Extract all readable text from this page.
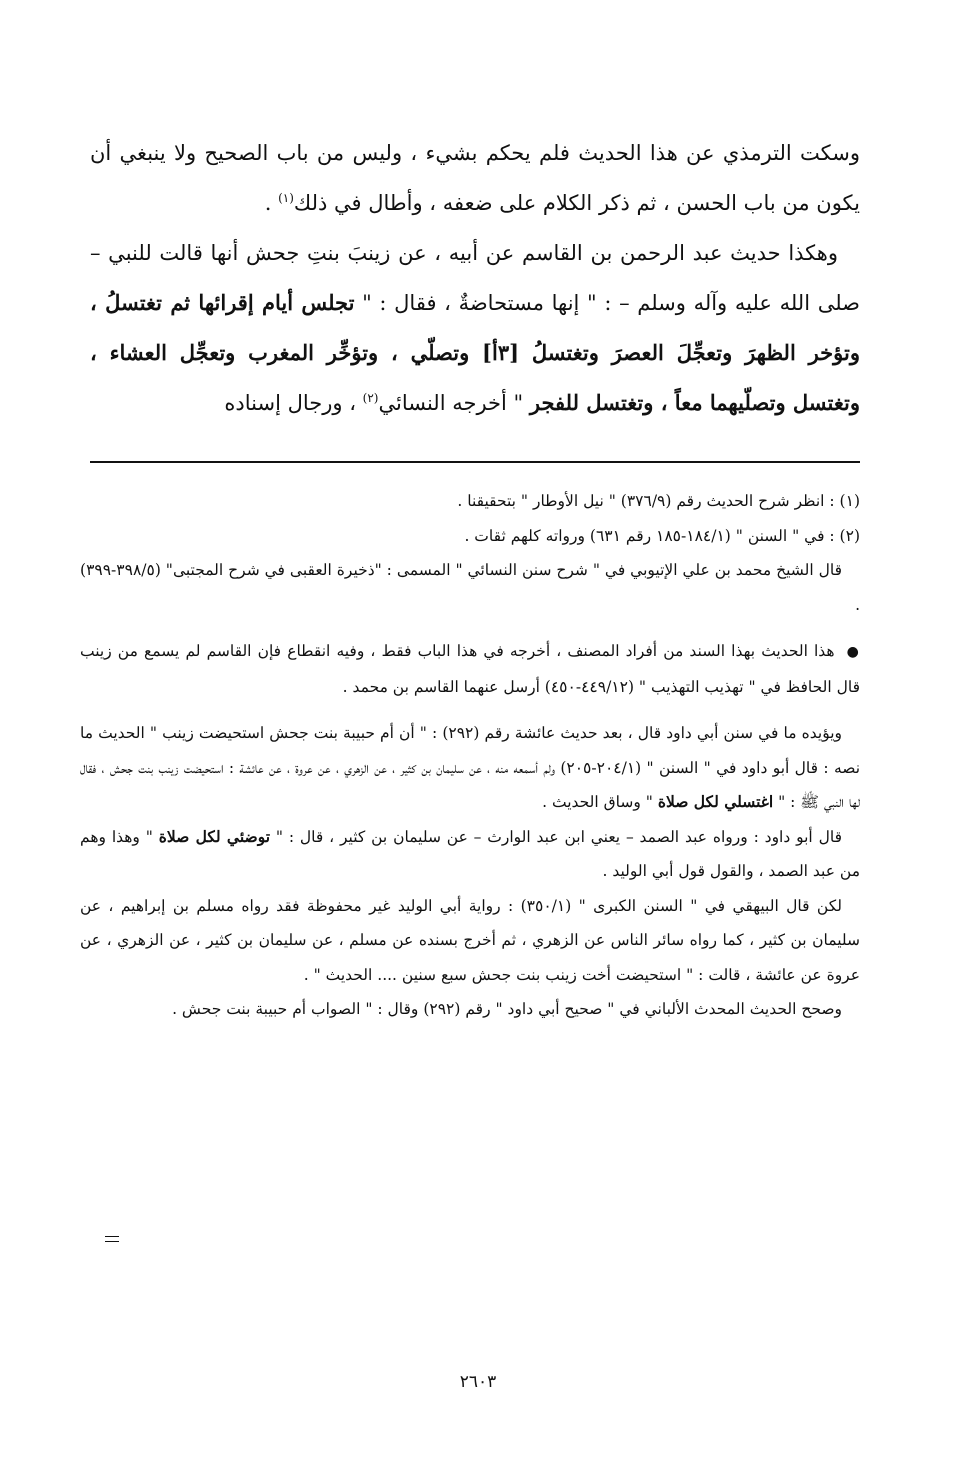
وسكت الترمذي عن هذا الحديث فلم يحكم بشيء ، وليس من باب الصحيح ولا ينبغي أن يكون من باب الحسن ، ثم ذكر الكلام على ضعفه ، وأطال في ذلك$^{(١)}$ .

وهكذا حديث عبد الرحمن بن القاسم عن أبيه ، عن زينبَ بنتِ جحش أنها قالت للنبي – صلى الله عليه وآله وسلم – : " إنها مستحاضةٌ ، فقال : " تجلس أيام إقرائها ثم تغتسلُ ، وتؤخر الظهرَ وتعجِّلَ العصرَ وتغتسلُ [٣أ] وتصلّي ، وتؤخِّر المغرب وتعجِّل العشاء ، وتغتسل وتصلّيهما معاً ، وتغتسل للفجر " أخرجه النسائي$^{(٢)}$ ، ورجال إسناده

(١) : انظر شرح الحديث رقم (٣٧٦/٩) " نيل الأوطار " بتحقيقنا .

(٢) : في " السنن " (١٨٤/١-١٨٥ رقم ٦٣١) ورواته كلهم ثقات .

قال الشيخ محمد بن علي الإتيوبي في " شرح سنن النسائي " المسمى : "ذخيرة العقبى في شرح المجتبى" (٣٩٨/٥-٣٩٩) .

● هذا الحديث بهذا السند من أفراد المصنف ، أخرجه في هذا الباب فقط ، وفيه انقطاع فإن القاسم لم يسمع من زينب قال الحافظ في " تهذيب التهذيب " (٤٤٩/١٢-٤٥٠) أرسل عنهما القاسم بن محمد .

ويؤيده ما في سنن أبي داود قال ، بعد حديث عائشة رقم (٢٩٢) : " أن أم حبيبة بنت جحش استحيضت زينب " الحديث ما نصه : قال أبو داود في " السنن " (٢٠٤/١-٢٠٥) ولم أسمعه منه ، عن سليمان بن كثير ، عن الزهري ، عن عروة ، عن عائشة : استحيضت زينب بنت جحش ، فقال لها النبي ﷺ : " اغتسلي لكل صلاة " وساق الحديث .

قال أبو داود : ورواه عبد الصمد – يعني ابن عبد الوارث – عن سليمان بن كثير ، قال : " توضئي لكل صلاة " وهذا وهم من عبد الصمد ، والقول قول أبي الوليد .

لكن قال البيهقي في " السنن الكبرى " (٣٥٠/١) : رواية أبي الوليد غير محفوظة فقد رواه مسلم بن إبراهيم ، عن سليمان بن كثير ، كما رواه سائر الناس عن الزهري ، ثم أخرج بسنده عن مسلم ، عن سليمان بن كثير ، عن الزهري ، عن عروة عن عائشة ، قالت : " استحيضت أخت زينب بنت جحش سبع سنين .... الحديث " .

وصحح الحديث المحدث الألباني في " صحيح أبي داود " رقم (٢٩٢) وقال : " الصواب أم حبيبة بنت جحش .

٢٦٠٣
